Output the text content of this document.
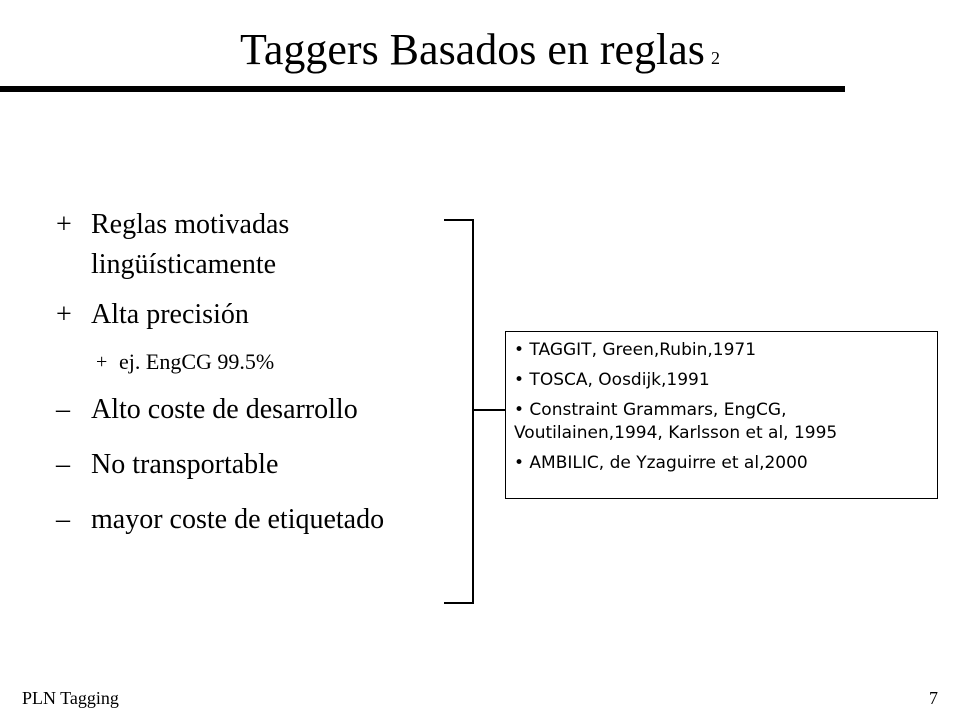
Taggers Basados en reglas 2
+ Reglas motivadas
lingüísticamente
+ Alta precisión
+ ej. EngCG 99.5%
– Alto coste de desarrollo
– No transportable
– mayor coste de etiquetado
• TAGGIT, Green,Rubin,1971
• TOSCA, Oosdijk,1991
• Constraint Grammars, EngCG, Voutilainen,1994, Karlsson et al, 1995
• AMBILIC, de Yzaguirre et al,2000
PLN Tagging	7
